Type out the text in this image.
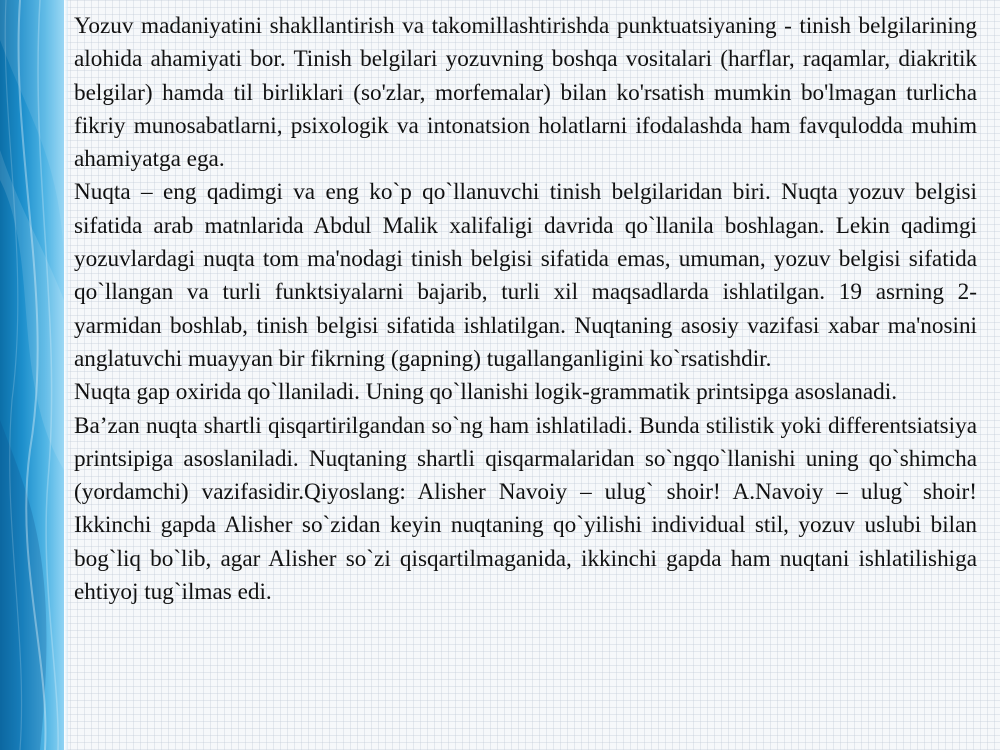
Yozuv madaniyatini shakllantirish va takomillashtirishda punktuatsiyaning - tinish belgilarining alohida ahamiyati bor. Tinish belgilari yozuvning boshqa vositalari (harflar, raqamlar, diakritik belgilar) hamda til birliklari (so'zlar, morfemalar) bilan ko'rsatish mumkin bo'lmagan turlicha fikriy munosabatlarni, psixologik va intonatsion holatlarni ifodalashda ham favqulodda muhim ahamiyatga ega.

Nuqta – eng qadimgi va eng ko`p qo`llanuvchi tinish belgilaridan biri. Nuqta yozuv belgisi sifatida arab matnlarida Abdul Malik xalifaligi davrida qo`llanila boshlagan. Lekin qadimgi yozuvlardagi nuqta tom ma'nodagi tinish belgisi sifatida emas, umuman, yozuv belgisi sifatida qo`llangan va turli funktsiyalarni bajarib, turli xil maqsadlarda ishlatilgan. 19 asrning 2-yarmidan boshlab, tinish belgisi sifatida ishlatilgan. Nuqtaning asosiy vazifasi xabar ma'nosini anglatuvchi muayyan bir fikrning (gapning) tugallanganligini ko`rsatishdir.

Nuqta gap oxirida qo`llaniladi. Uning qo`llanishi logik-grammatik printsipga asoslanadi.

Ba’zan nuqta shartli qisqartirilgandan so`ng ham ishlatiladi. Bunda stilistik yoki differentsiatsiya printsipiga asoslaniladi. Nuqtaning shartli qisqarmalaridan so`ngqo`llanishi uning qo`shimcha (yordamchi) vazifasidir.Qiyoslang: Alisher Navoiy – ulug` shoir! A.Navoiy – ulug` shoir! Ikkinchi gapda Alisher so`zidan keyin nuqtaning qo`yilishi individual stil, yozuv uslubi bilan bog`liq bo`lib, agar Alisher so`zi qisqartilmaganida, ikkinchi gapda ham nuqtani ishlatilishiga ehtiyoj tug`ilmas edi.
